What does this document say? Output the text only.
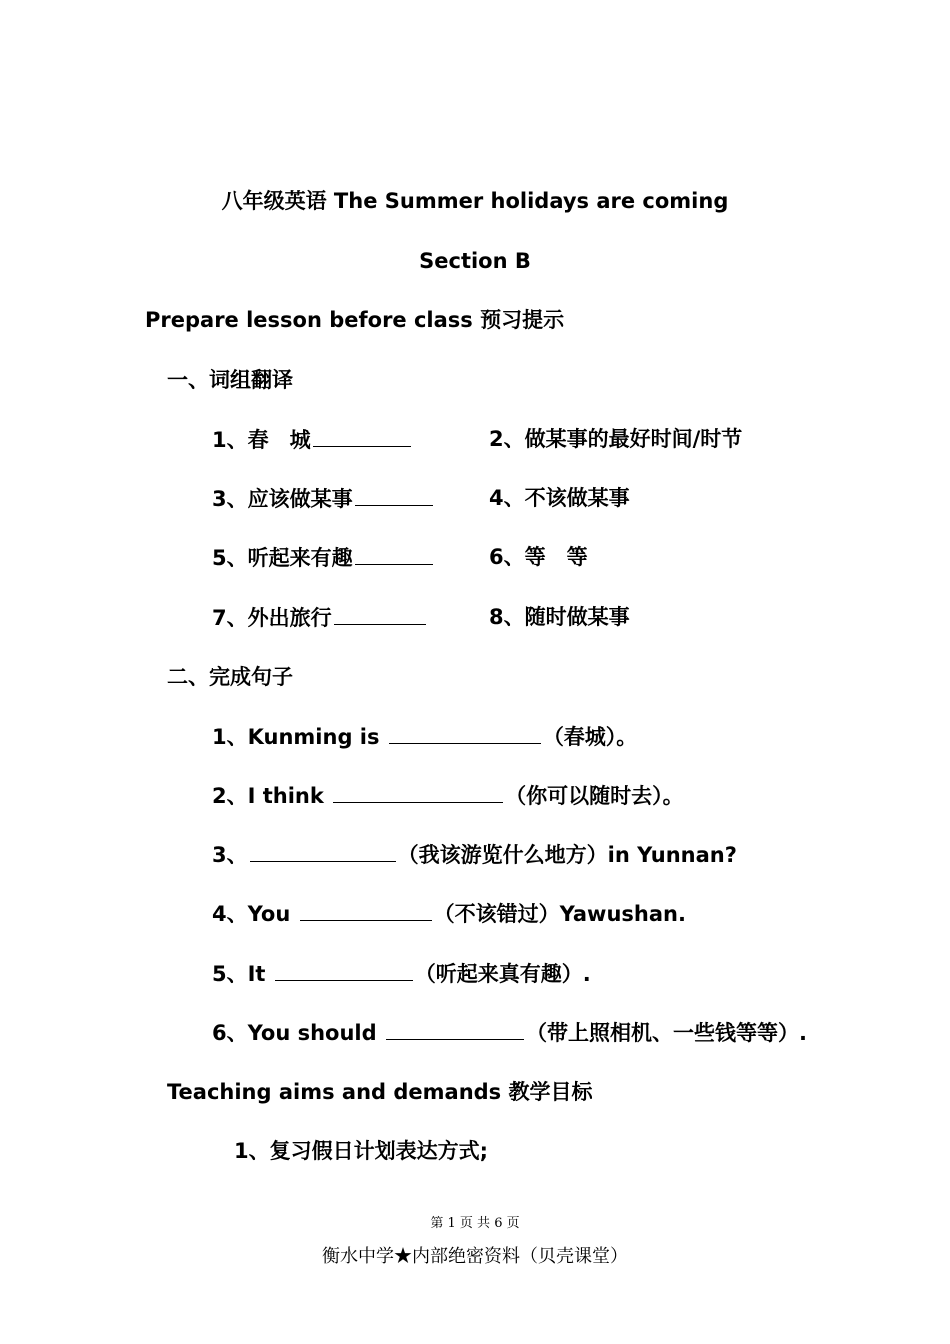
八年级英语 The Summer holidays are coming
Section B
Prepare lesson before class 预习提示
一、词组翻译
1、春　城	2、做某事的最好时间/时节
3、应该做某事	4、不该做某事
5、听起来有趣	6、等　等
7、外出旅行	8、随时做某事
二、完成句子
1、Kunming is	（春城）。
2、I think	（你可以随时去）。
3、	（我该游览什么地方）in Yunnan?
4、You	（不该错过）Yawushan.
5、It	（听起来真有趣）.
6、You should	（带上照相机、一些钱等等）.
Teaching aims and demands 教学目标
1、复习假日计划表达方式;
第 1 页 共 6 页
衡水中学★内部绝密资料（贝壳课堂）
